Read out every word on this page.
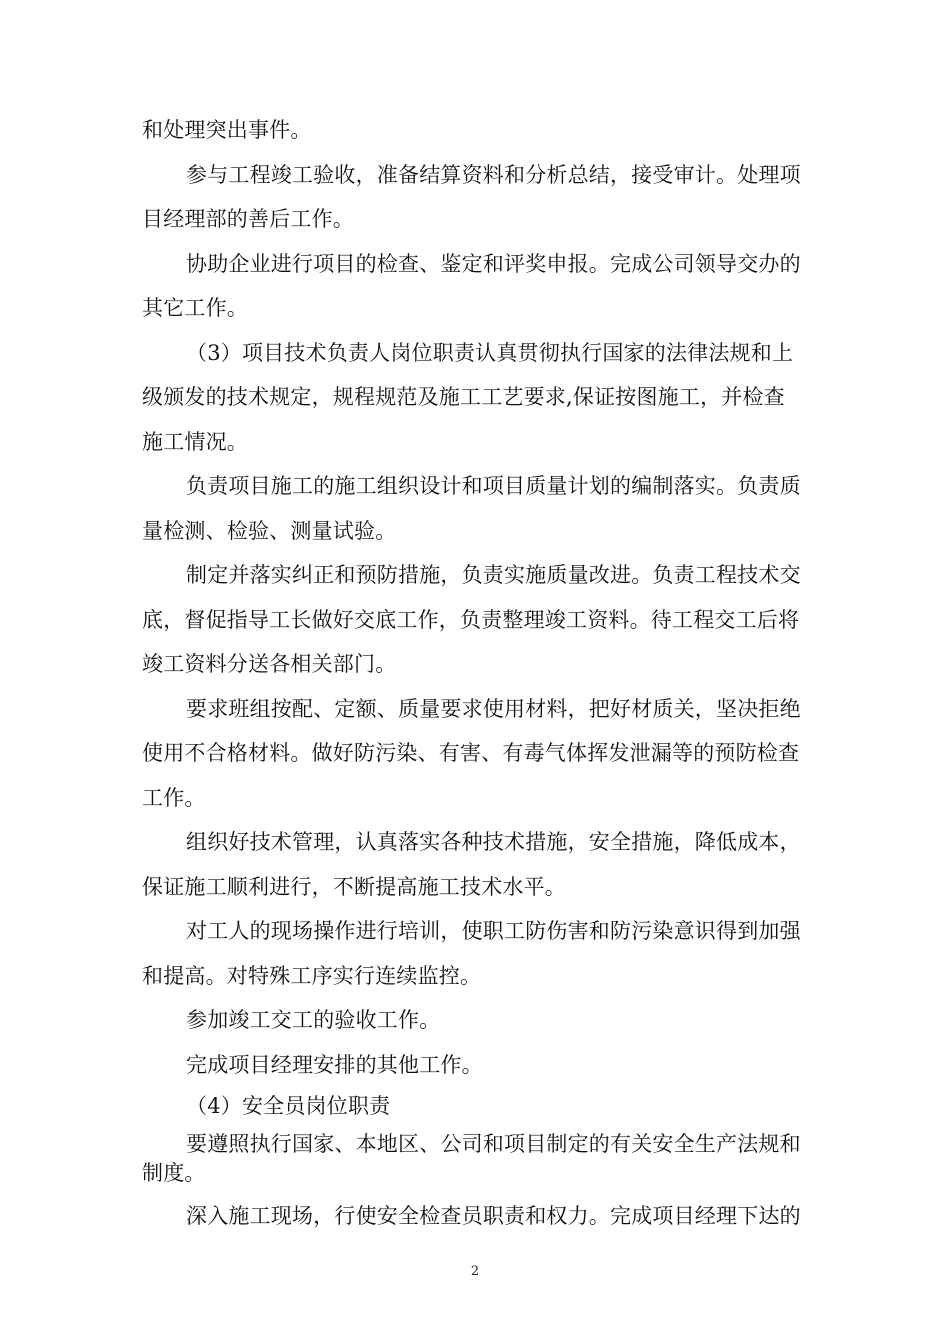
和处理突出事件。
参与工程竣工验收，准备结算资料和分析总结，接受审计。处理项
目经理部的善后工作。
协助企业进行项目的检查、鉴定和评奖申报。完成公司领导交办的
其它工作。
（3）项目技术负责人岗位职责认真贯彻执行国家的法律法规和上
级颁发的技术规定，规程规范及施工工艺要求,保证按图施工，并检查
施工情况。
负责项目施工的施工组织设计和项目质量计划的编制落实。负责质
量检测、检验、测量试验。
制定并落实纠正和预防措施，负责实施质量改进。负责工程技术交
底，督促指导工长做好交底工作，负责整理竣工资料。待工程交工后将
竣工资料分送各相关部门。
要求班组按配、定额、质量要求使用材料，把好材质关，坚决拒绝
使用不合格材料。做好防污染、有害、有毒气体挥发泄漏等的预防检查
工作。
组织好技术管理，认真落实各种技术措施，安全措施，降低成本，
保证施工顺利进行，不断提高施工技术水平。
对工人的现场操作进行培训，使职工防伤害和防污染意识得到加强
和提高。对特殊工序实行连续监控。
参加竣工交工的验收工作。
完成项目经理安排的其他工作。
（4）安全员岗位职责
要遵照执行国家、本地区、公司和项目制定的有关安全生产法规和
制度。
深入施工现场，行使安全检查员职责和权力。完成项目经理下达的
2
